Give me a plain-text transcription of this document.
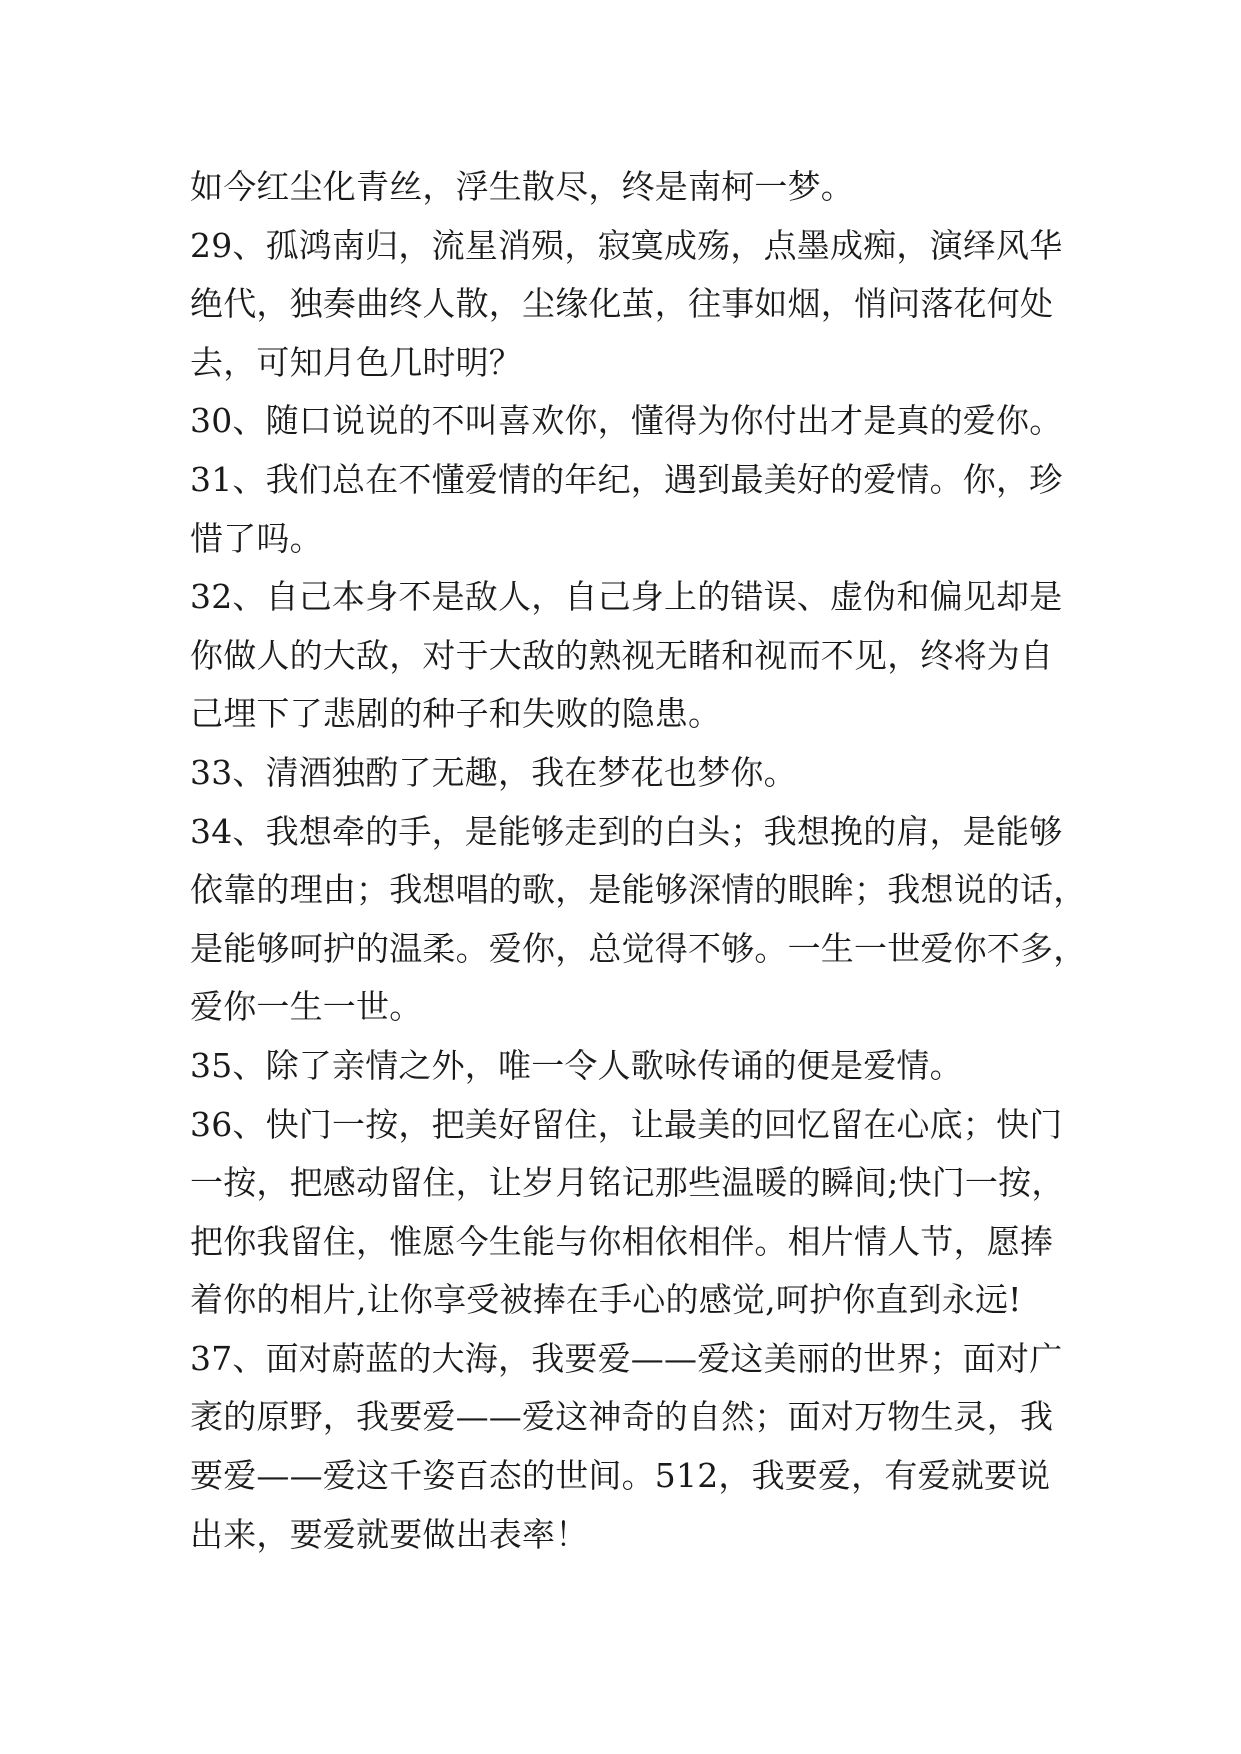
如今红尘化青丝，浮生散尽，终是南柯一梦。
29、孤鸿南归，流星消殒，寂寞成殇，点墨成痴，演绎风华
绝代，独奏曲终人散，尘缘化茧，往事如烟，悄问落花何处
去，可知月色几时明？
30、随口说说的不叫喜欢你，懂得为你付出才是真的爱你。
31、我们总在不懂爱情的年纪，遇到最美好的爱情。你，珍
惜了吗。
32、自己本身不是敌人，自己身上的错误、虚伪和偏见却是
你做人的大敌，对于大敌的熟视无睹和视而不见，终将为自
己埋下了悲剧的种子和失败的隐患。
33、清酒独酌了无趣，我在梦花也梦你。
34、我想牵的手，是能够走到的白头；我想挽的肩，是能够
依靠的理由；我想唱的歌，是能够深情的眼眸；我想说的话，
是能够呵护的温柔。爱你，总觉得不够。一生一世爱你不多，
爱你一生一世。
35、除了亲情之外，唯一令人歌咏传诵的便是爱情。
36、快门一按，把美好留住，让最美的回忆留在心底；快门
一按，把感动留住，让岁月铭记那些温暖的瞬间;快门一按，
把你我留住，惟愿今生能与你相依相伴。相片情人节，愿捧
着你的相片,让你享受被捧在手心的感觉,呵护你直到永远!
37、面对蔚蓝的大海，我要爱——爱这美丽的世界；面对广
袤的原野，我要爱——爱这神奇的自然；面对万物生灵，我
要爱——爱这千姿百态的世间。512，我要爱，有爱就要说
出来，要爱就要做出表率！
